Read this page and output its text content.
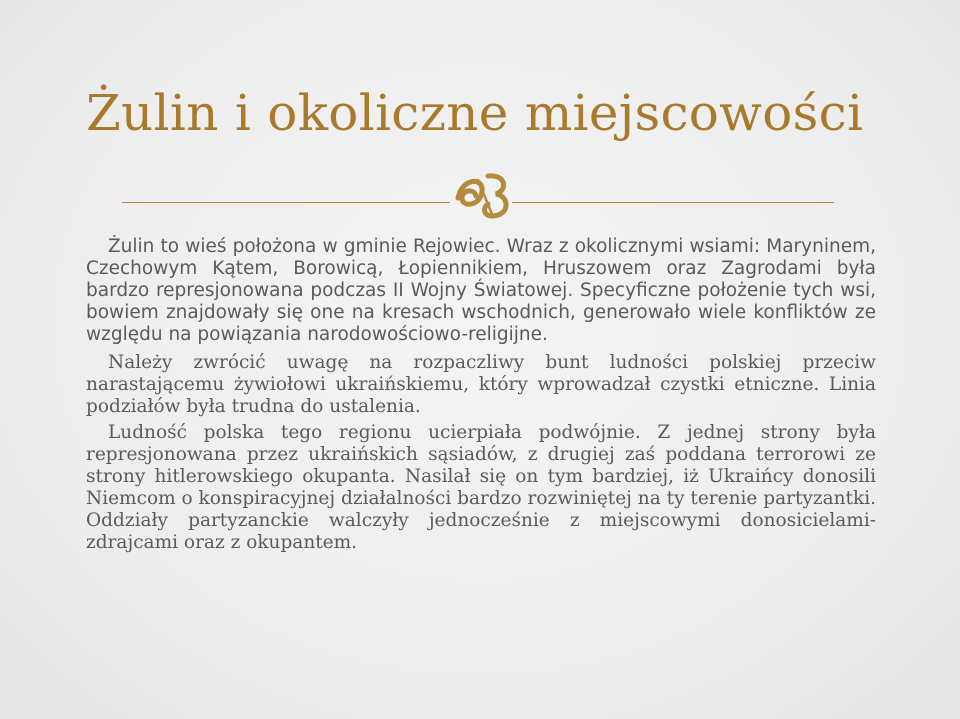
Żulin i okoliczne miejscowości

Żulin to wieś położona w gminie Rejowiec. Wraz z okolicznymi wsiami: Maryninem, Czechowym Kątem, Borowicą, Łopiennikiem, Hruszowem oraz Zagrodami była bardzo represjonowana podczas II Wojny Światowej. Specyficzne położenie tych wsi, bowiem znajdowały się one na kresach wschodnich, generowało wiele konfliktów ze względu na powiązania narodowościowo-religijne.

Należy zwrócić uwagę na rozpaczliwy bunt ludności polskiej przeciw narastającemu żywiołowi ukraińskiemu, który wprowadzał czystki etniczne. Linia podziałów była trudna do ustalenia.

Ludność polska tego regionu ucierpiała podwójnie. Z jednej strony była represjonowana przez ukraińskich sąsiadów, z drugiej zaś poddana terrorowi ze strony hitlerowskiego okupanta. Nasilał się on tym bardziej, iż Ukraińcy donosili Niemcom o konspiracyjnej działalności bardzo rozwiniętej na ty terenie partyzantki. Oddziały partyzanckie walczyły jednocześnie z miejscowymi donosicielami-zdrajcami oraz z okupantem.
